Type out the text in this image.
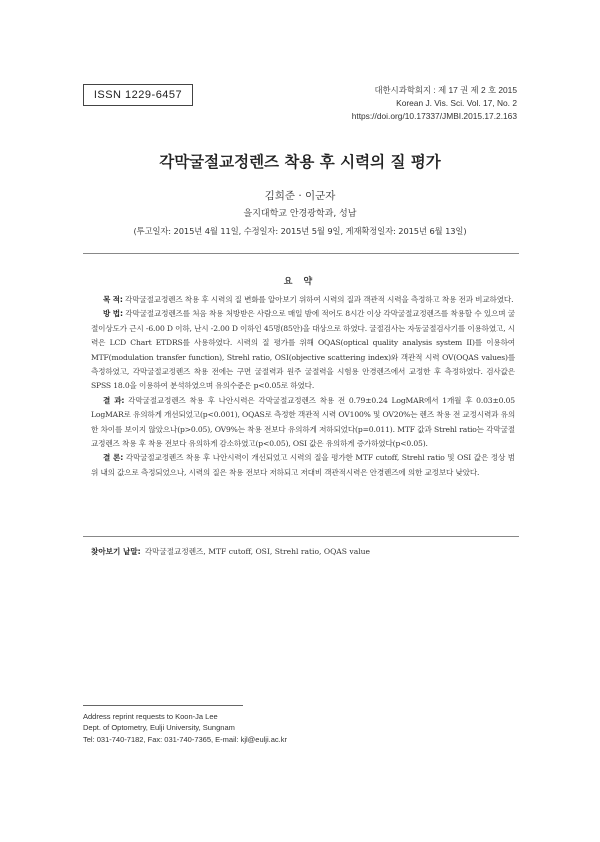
ISSN 1229-6457	대한시과학회지 : 제 17 권 제 2 호 2015
Korean J. Vis. Sci. Vol. 17, No. 2
https://doi.org/10.17337/JMBI.2015.17.2.163
각막굴절교정렌즈 착용 후 시력의 질 평가
김희준 · 이군자
을지대학교 안경광학과, 성남
(투고일자: 2015년 4월 11일, 수정일자: 2015년 5월 9일, 게재확정일자: 2015년 6월 13일)
요 약

목 적: 각막굴절교정렌즈 착용 후 시력의 질 변화를 알아보기 위하여 시력의 질과 객관적 시력을 측정하고 착용 전과 비교하였다.

방 법: 각막굴절교정렌즈를 처음 착용 처방받은 사람으로 매일 밤에 적어도 8시간 이상 각막굴절교정렌즈를 착용할 수 있으며 굴절이상도가 근시 -6.00 D 이하, 난시 -2.00 D 이하인 45명(85안)을 대상으로 하였다. 굴절검사는 자동굴절검사기를 이용하였고, 시력은 LCD Chart ETDRS를 사용하였다. 시력의 질 평가를 위해 OQAS(optical quality analysis system II)를 이용하여 MTF(modulation transfer function), Strehl ratio, OSI(objective scattering index)와 객관적 시력 OV(OQAS values)를 측정하였고, 각막굴절교정렌즈 착용 전에는 구면 굴절력과 원주 굴절력을 시험용 안경렌즈에서 교정한 후 측정하였다. 검사값은 SPSS 18.0을 이용하여 분석하였으며 유의수준은 p<0.05로 하였다.

결 과: 각막굴절교정렌즈 착용 후 나안시력은 각막굴절교정렌즈 착용 전 0.79±0.24 LogMAR에서 1개월 후 0.03±0.05 LogMAR로 유의하게 개선되었고(p<0.001), OQAS로 측정한 객관적 시력 OV100% 및 OV20%는 렌즈 착용 전 교정시력과 유의한 차이를 보이지 않았으나(p>0.05), OV9%는 착용 전보다 유의하게 저하되었다(p=0.011). MTF 값과 Strehl ratio는 각막굴절교정렌즈 착용 후 착용 전보다 유의하게 감소하였고(p<0.05), OSI 값은 유의하게 증가하였다(p<0.05).

결 론: 각막굴절교정렌즈 착용 후 나안시력이 개선되었고 시력의 질을 평가한 MTF cutoff, Strehl ratio 및 OSI 값은 정상 범위 내의 값으로 측정되었으나, 시력의 질은 착용 전보다 저하되고 저대비 객관적시력은 안경렌즈에 의한 교정보다 낮았다.

찾아보기 낱말: 각막굴절교정렌즈, MTF cutoff, OSI, Strehl ratio, OQAS value
Address reprint requests to Koon-Ja Lee
Dept. of Optometry, Eulji University, Sungnam
Tel: 031-740-7182, Fax: 031-740-7365, E-mail: kjl@eulji.ac.kr
